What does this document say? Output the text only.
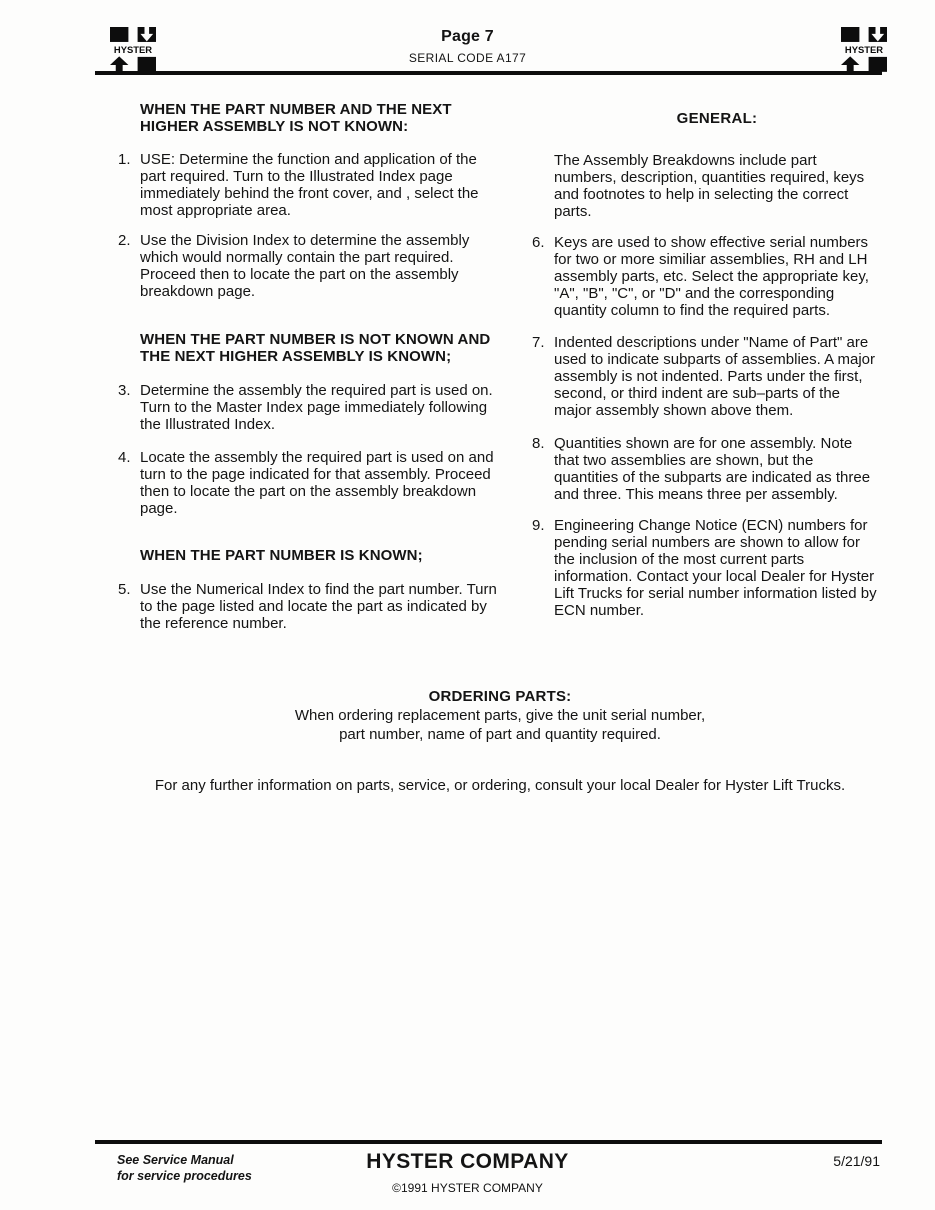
HYSTER	HYSTER
Page 7
SERIAL CODE A177
WHEN THE PART NUMBER AND THE NEXT HIGHER ASSEMBLY IS NOT KNOWN:
1. USE: Determine the function and application of the part required. Turn to the Illustrated Index page immediately behind the front cover, and , select the most appropriate area.
2. Use the Division Index to determine the assembly which would normally contain the part required. Proceed then to locate the part on the assembly breakdown page.
WHEN THE PART NUMBER IS NOT KNOWN AND THE NEXT HIGHER ASSEMBLY IS KNOWN;
3. Determine the assembly the required part is used on. Turn to the Master Index page immediately following the Illustrated Index.
4. Locate the assembly the required part is used on and turn to the page indicated for that assembly. Proceed then to locate the part on the assembly breakdown page.
WHEN THE PART NUMBER IS KNOWN;
5. Use the Numerical Index to find the part number. Turn to the page listed and locate the part as indicated by the reference number.
GENERAL:
The Assembly Breakdowns include part numbers, description, quantities required, keys and footnotes to help in selecting the correct parts.
6. Keys are used to show effective serial numbers for two or more similiar assemblies, RH and LH assembly parts, etc. Select the appropriate key, "A", "B", "C", or "D" and the corresponding quantity column to find the required parts.
7. Indented descriptions under "Name of Part" are used to indicate subparts of assemblies. A major assembly is not indented. Parts under the first, second, or third indent are sub–parts of the major assembly shown above them.
8. Quantities shown are for one assembly. Note that two assemblies are shown, but the quantities of the subparts are indicated as three and three. This means three per assembly.
9. Engineering Change Notice (ECN) numbers for pending serial numbers are shown to allow for the inclusion of the most current parts information. Contact your local Dealer for Hyster Lift Trucks for serial number information listed by ECN number.
ORDERING PARTS:
When ordering replacement parts, give the unit serial number,
part number, name of part and quantity required.
For any further information on parts, service, or ordering, consult your local Dealer for Hyster Lift Trucks.
See Service Manual
for service procedures
HYSTER COMPANY
©1991 HYSTER COMPANY
5/21/91
